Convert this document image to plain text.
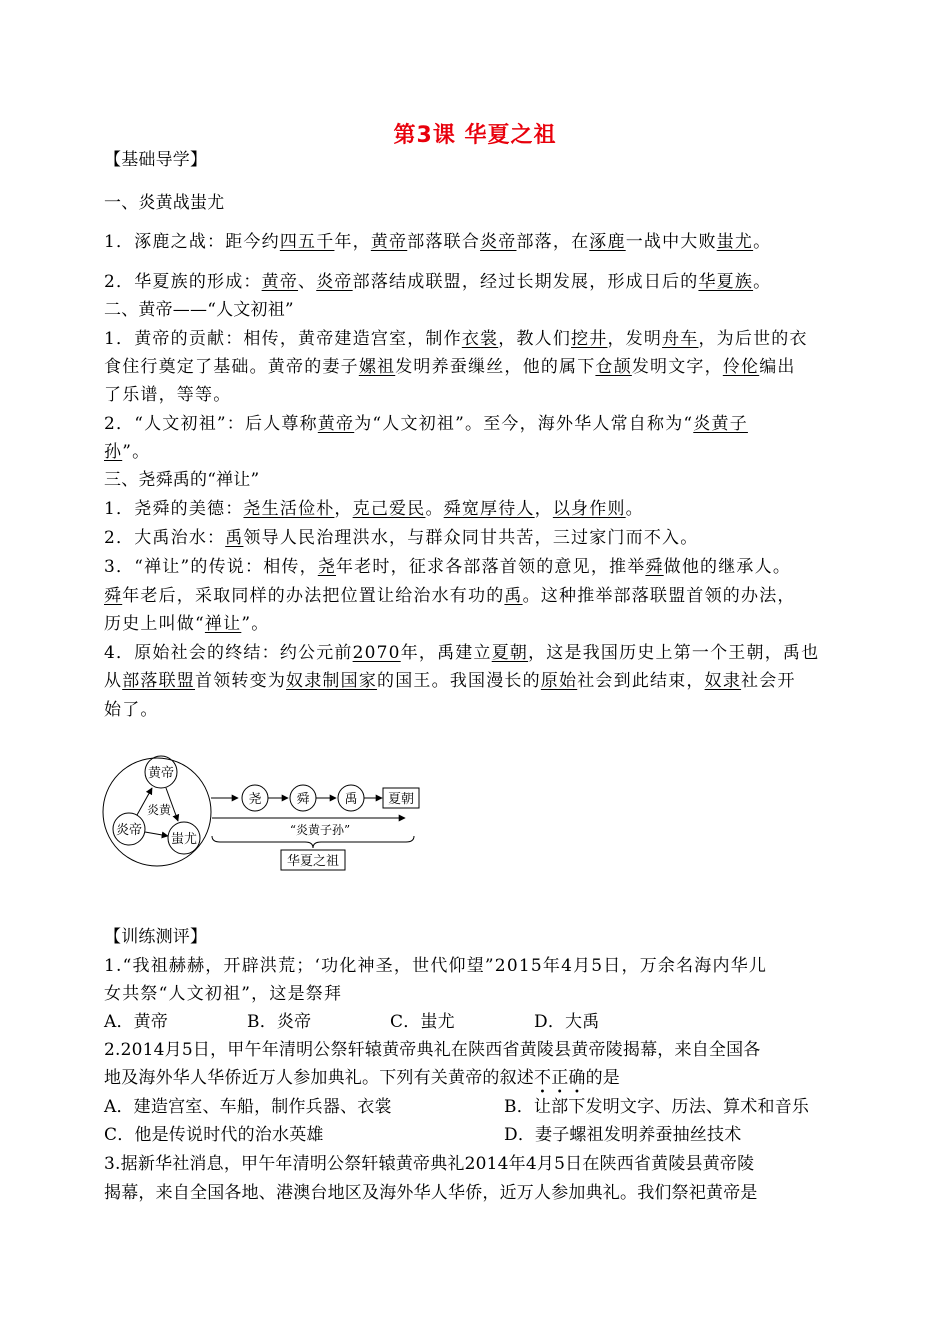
第3课 华夏之祖
【基础导学】
一、炎黄战蚩尤
1．涿鹿之战：距今约四五千年，黄帝部落联合炎帝部落，在涿鹿一战中大败蚩尤。
2．华夏族的形成：黄帝、炎帝部落结成联盟，经过长期发展，形成日后的华夏族。
二、黄帝——“人文初祖”
1．黄帝的贡献：相传，黄帝建造宫室，制作衣裳，教人们挖井，发明舟车，为后世的衣
食住行奠定了基础。黄帝的妻子嫘祖发明养蚕缫丝，他的属下仓颉发明文字，伶伦编出
了乐谱，等等。
2．“人文初祖”：后人尊称黄帝为“人文初祖”。至今，海外华人常自称为“炎黄子
孙”。
三、尧舜禹的“禅让”
1．尧舜的美德：尧生活俭朴，克己爱民。舜宽厚待人，以身作则。
2．大禹治水：禹领导人民治理洪水，与群众同甘共苦，三过家门而不入。
3．“禅让”的传说：相传，尧年老时，征求各部落首领的意见，推举舜做他的继承人。
舜年老后，采取同样的办法把位置让给治水有功的禹。这种推举部落联盟首领的办法，
历史上叫做“禅让”。
4．原始社会的终结：约公元前2070年，禹建立夏朝，这是我国历史上第一个王朝，禹也
从部落联盟首领转变为奴隶制国家的国王。我国漫长的原始社会到此结束，奴隶社会开
始了。
黄帝
炎帝
蚩尤
炎黄
尧	舜	禹 夏朝
“炎黄子孙”
华夏之祖
【训练测评】
1.“我祖赫赫，开辟洪荒；‘功化神圣，世代仰望”2015年4月5日，万余名海内华儿
女共祭“人文初祖”，这是祭拜
A．黄帝	B．炎帝	C．蚩尤	D．大禹
2.2014月5日，甲午年清明公祭轩辕黄帝典礼在陕西省黄陵县黄帝陵揭幕，来自全国各
地及海外华人华侨近万人参加典礼。下列有关黄帝的叙述不正确的是
A．建造宫室、车船，制作兵器、衣裳	B．让部下发明文字、历法、算术和音乐
C．他是传说时代的治水英雄	D．妻子螺祖发明养蚕抽丝技术
3.据新华社消息，甲午年清明公祭轩辕黄帝典礼2014年4月5日在陕西省黄陵县黄帝陵
揭幕，来自全国各地、港澳台地区及海外华人华侨，近万人参加典礼。我们祭祀黄帝是
